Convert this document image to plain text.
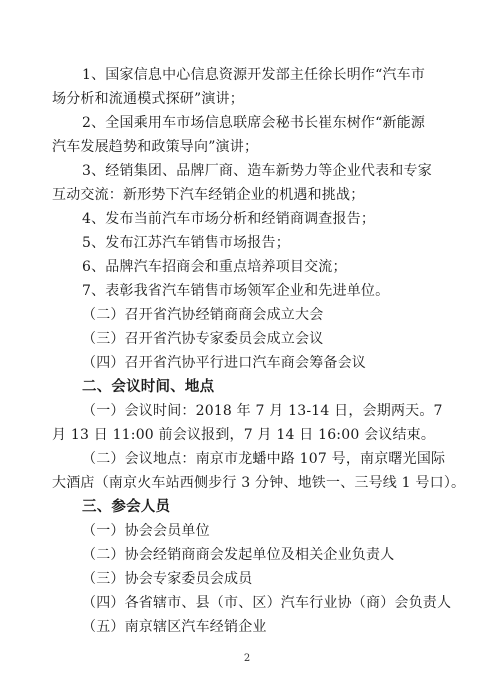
1、国家信息中心信息资源开发部主任徐长明作“汽车市
场分析和流通模式探研”演讲；
2、全国乘用车市场信息联席会秘书长崔东树作“新能源
汽车发展趋势和政策导向”演讲；
3、经销集团、品牌厂商、造车新势力等企业代表和专家
互动交流：新形势下汽车经销企业的机遇和挑战；
4、发布当前汽车市场分析和经销商调查报告；
5、发布江苏汽车销售市场报告；
6、品牌汽车招商会和重点培养项目交流；
7、表彰我省汽车销售市场领军企业和先进单位。
（二）召开省汽协经销商商会成立大会
（三）召开省汽协专家委员会成立会议
（四）召开省汽协平行进口汽车商会筹备会议
二、会议时间、地点
（一）会议时间：2018 年 7 月 13-14 日，会期两天。7
月 13 日 11:00 前会议报到，7 月 14 日 16:00 会议结束。
（二）会议地点：南京市龙蟠中路 107 号，南京曙光国际
大酒店（南京火车站西侧步行 3 分钟、地铁一、三号线 1 号口）。
三、参会人员
（一）协会会员单位
（二）协会经销商商会发起单位及相关企业负责人
（三）协会专家委员会成员
（四）各省辖市、县（市、区）汽车行业协（商）会负责人
（五）南京辖区汽车经销企业
2
